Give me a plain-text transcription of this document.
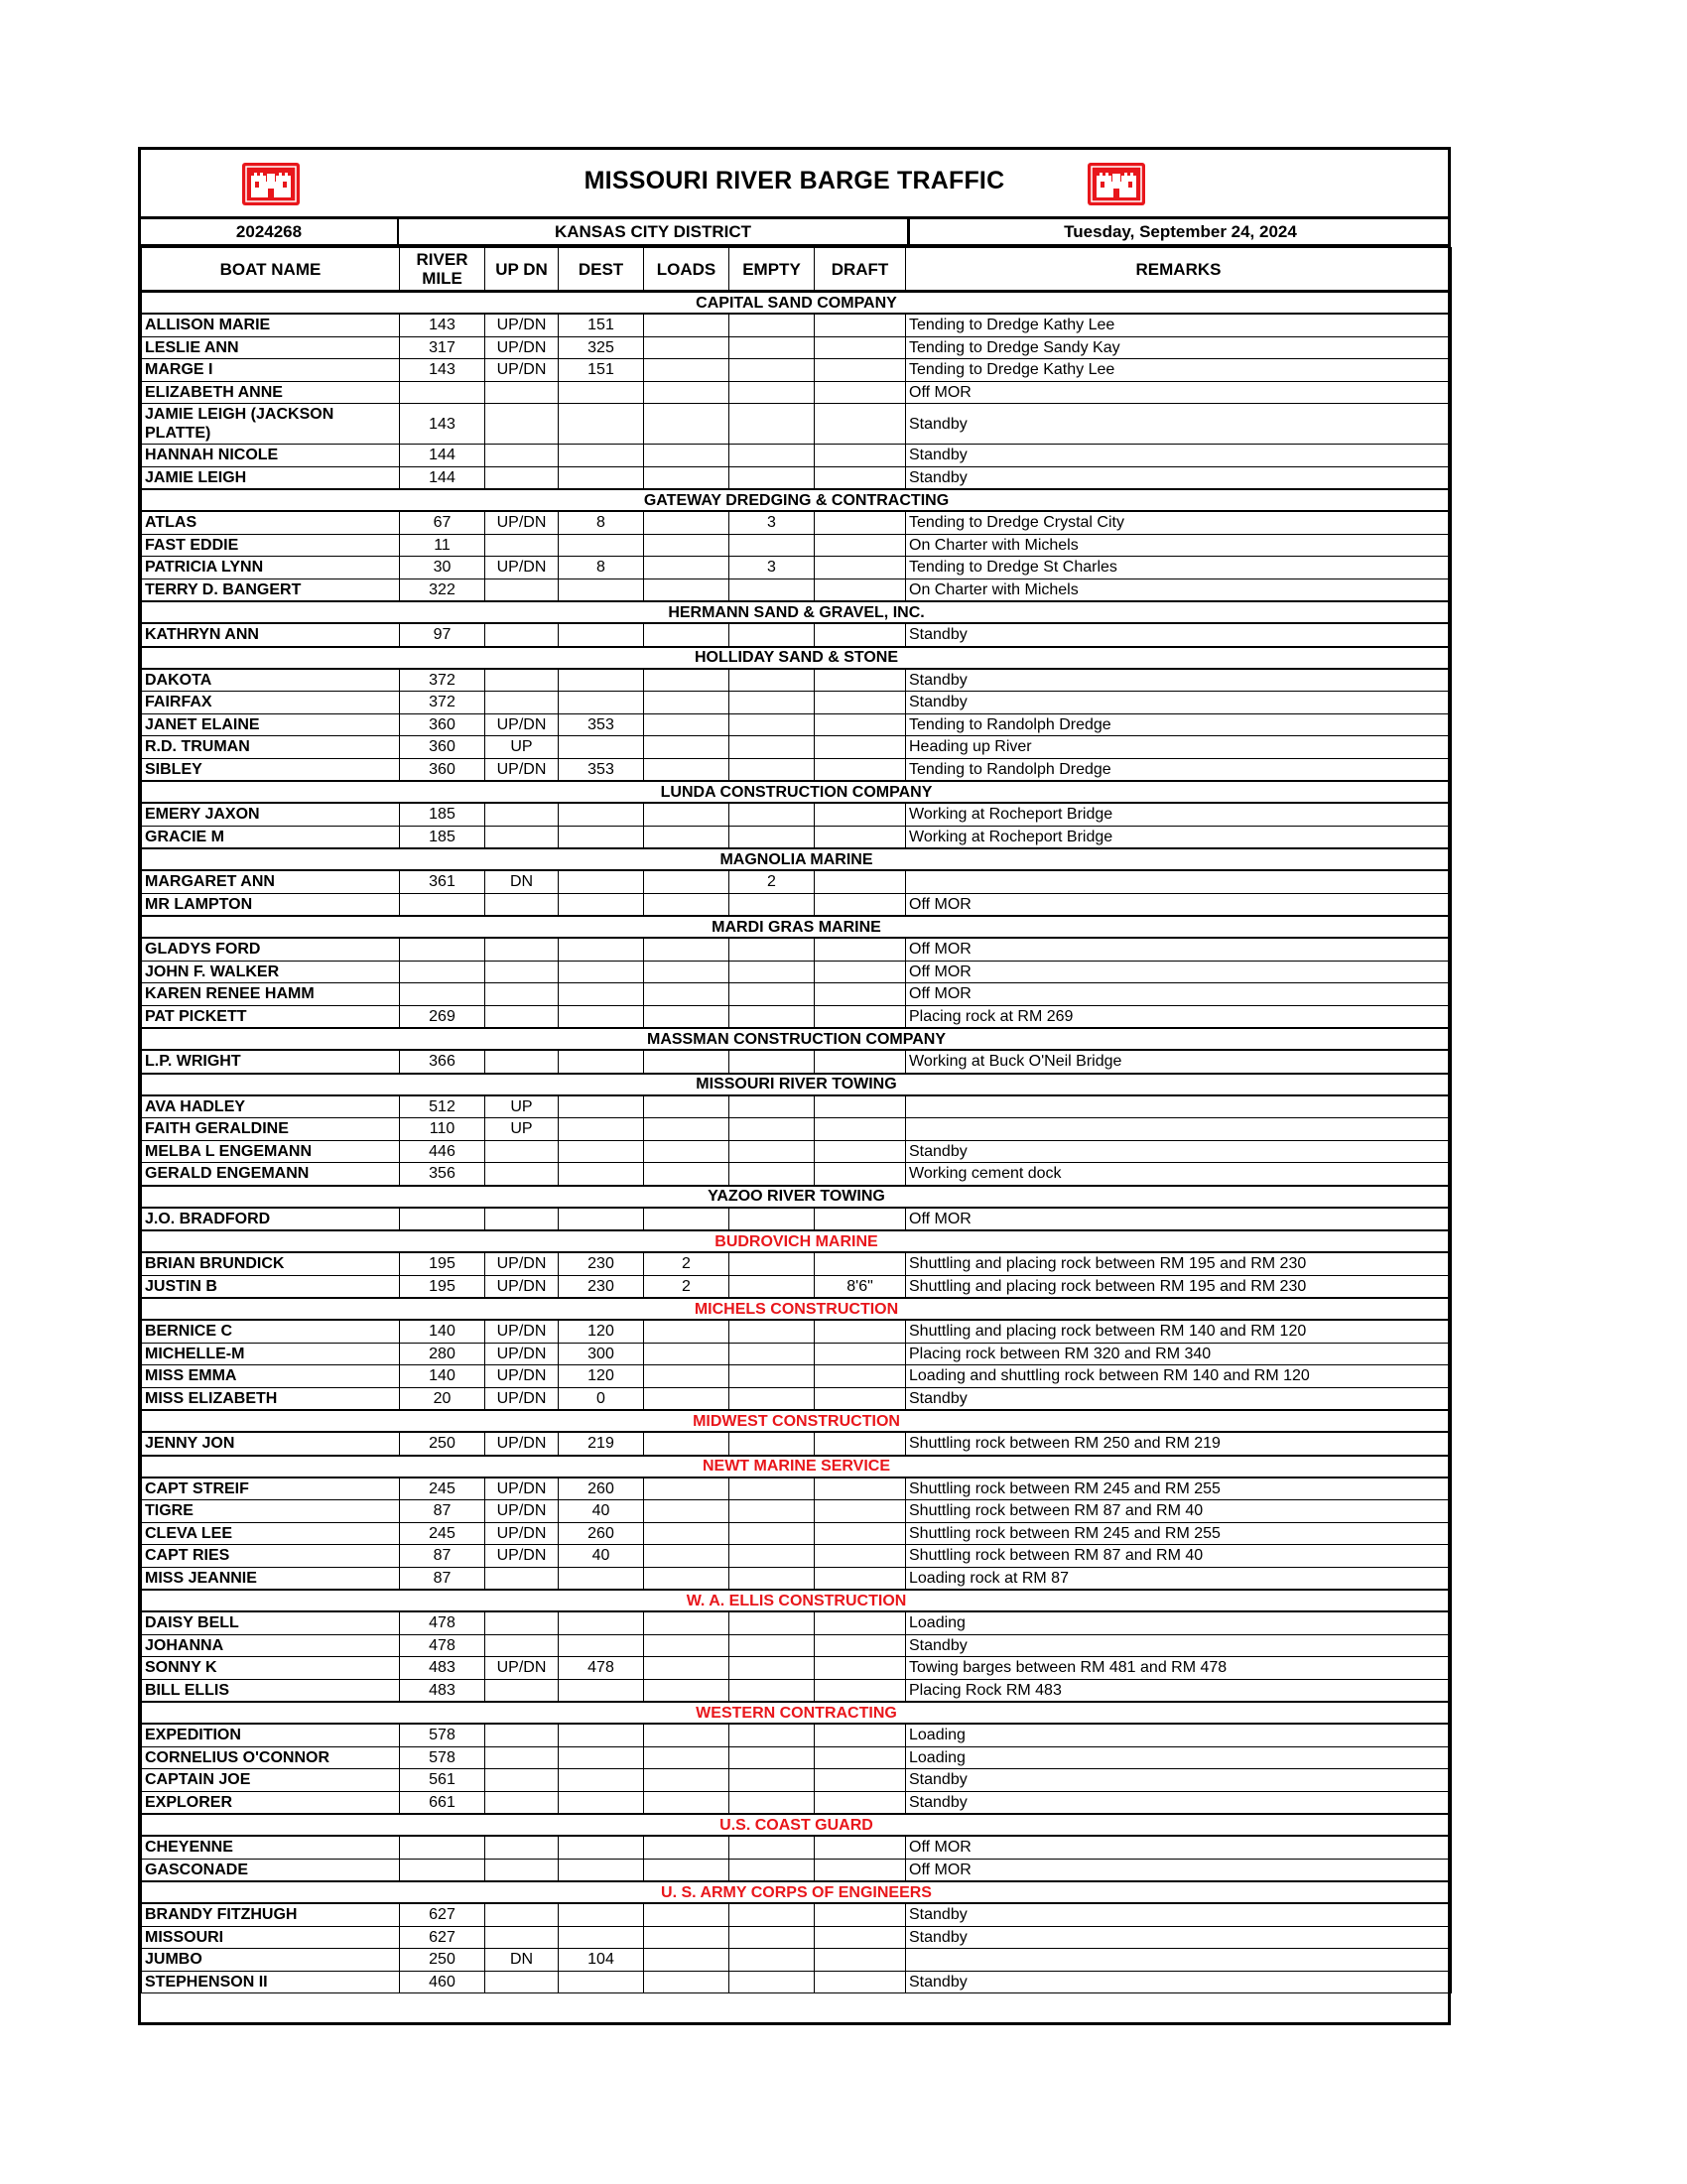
MISSOURI RIVER BARGE TRAFFIC
2024268	KANSAS CITY DISTRICT	Tuesday, September 24, 2024
BOAT NAME	RIVER MILE	UP DN	DEST	LOADS	EMPTY	DRAFT	REMARKS
CAPITAL SAND COMPANY							
ALLISON MARIE	143	UP/DN	151				Tending to Dredge Kathy Lee
LESLIE ANN	317	UP/DN	325				Tending to Dredge Sandy Kay
MARGE I	143	UP/DN	151				Tending to Dredge Kathy Lee
ELIZABETH ANNE							Off MOR
JAMIE LEIGH (JACKSON PLATTE)	143						Standby
HANNAH NICOLE	144						Standby
JAMIE LEIGH	144						Standby
GATEWAY DREDGING & CONTRACTING							
ATLAS	67	UP/DN	8		3		Tending to Dredge Crystal City
FAST EDDIE	11						On Charter with Michels
PATRICIA LYNN	30	UP/DN	8		3		Tending to Dredge St Charles
TERRY D. BANGERT	322						On Charter with Michels
HERMANN SAND & GRAVEL, INC.							
KATHRYN ANN	97						Standby
HOLLIDAY SAND & STONE							
DAKOTA	372						Standby
FAIRFAX	372						Standby
JANET ELAINE	360	UP/DN	353				Tending to Randolph Dredge
R.D. TRUMAN	360	UP					Heading up River
SIBLEY	360	UP/DN	353				Tending to Randolph Dredge
LUNDA CONSTRUCTION COMPANY							
EMERY JAXON	185						Working at Rocheport Bridge
GRACIE M	185						Working at Rocheport Bridge
MAGNOLIA MARINE							
MARGARET ANN	361	DN			2		
MR LAMPTON							Off MOR
MARDI GRAS MARINE							
GLADYS FORD							Off MOR
JOHN F. WALKER							Off MOR
KAREN RENEE HAMM							Off MOR
PAT PICKETT	269						Placing rock at RM 269
MASSMAN CONSTRUCTION COMPANY							
L.P. WRIGHT	366						Working at Buck O'Neil Bridge
MISSOURI RIVER TOWING							
AVA HADLEY	512	UP					
FAITH GERALDINE	110	UP					
MELBA L ENGEMANN	446						Standby
GERALD ENGEMANN	356						Working cement dock
YAZOO RIVER TOWING							
J.O. BRADFORD							Off MOR
BUDROVICH MARINE							
BRIAN BRUNDICK	195	UP/DN	230	2			Shuttling and placing rock between RM 195 and RM 230
JUSTIN B	195	UP/DN	230	2		8'6"	Shuttling and placing rock between RM 195 and RM 230
MICHELS CONSTRUCTION							
BERNICE C	140	UP/DN	120				Shuttling and placing rock between RM 140 and RM 120
MICHELLE-M	280	UP/DN	300				Placing rock between RM 320 and RM 340
MISS EMMA	140	UP/DN	120				Loading and shuttling rock between RM 140 and RM 120
MISS ELIZABETH	20	UP/DN	0				Standby
MIDWEST CONSTRUCTION							
JENNY JON	250	UP/DN	219				Shuttling rock between RM 250 and RM 219
NEWT MARINE SERVICE							
CAPT STREIF	245	UP/DN	260				Shuttling rock between RM 245 and RM 255
TIGRE	87	UP/DN	40				Shuttling rock between RM 87 and RM 40
CLEVA LEE	245	UP/DN	260				Shuttling rock between RM 245 and RM 255
CAPT RIES	87	UP/DN	40				Shuttling rock between RM 87 and RM 40
MISS JEANNIE	87						Loading rock at RM 87
W. A. ELLIS CONSTRUCTION							
DAISY BELL	478						Loading
JOHANNA	478						Standby
SONNY K	483	UP/DN	478				Towing barges between RM 481 and RM 478
BILL ELLIS	483						Placing Rock RM 483
WESTERN CONTRACTING							
EXPEDITION	578						Loading
CORNELIUS O'CONNOR	578						Loading
CAPTAIN JOE	561						Standby
EXPLORER	661						Standby
U.S. COAST GUARD							
CHEYENNE							Off MOR
GASCONADE							Off MOR
U. S. ARMY CORPS OF ENGINEERS							
BRANDY FITZHUGH	627						Standby
MISSOURI	627						Standby
JUMBO	250	DN	104				
STEPHENSON II	460						Standby
